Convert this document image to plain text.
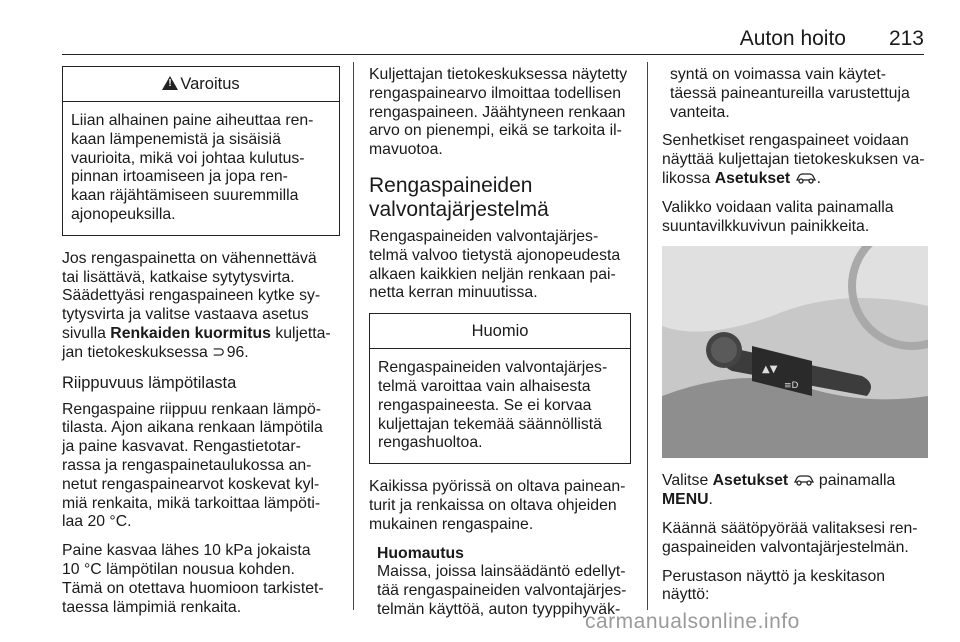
Auton hoito 213
! Varoitus
Liian alhainen paine aiheuttaa ren-
kaan lämpenemistä ja sisäisiä
vaurioita, mikä voi johtaa kulutus-
pinnan irtoamiseen ja jopa ren-
kaan räjähtämiseen suuremmilla
ajonopeuksilla.

Jos rengaspainetta on vähennettävä
tai lisättävä, katkaise sytytysvirta.
Säädettyäsi rengaspaineen kytke sy-
tytysvirta ja valitse vastaava asetus
sivulla Renkaiden kuormitus kuljetta-
jan tietokeskuksessa ⊃ 96.

Riippuvuus lämpötilasta

Rengaspaine riippuu renkaan lämpö-
tilasta. Ajon aikana renkaan lämpötila
ja paine kasvavat. Rengastietotar-
rassa ja rengaspainetaulukossa an-
netut rengaspainearvot koskevat kyl-
miä renkaita, mikä tarkoittaa lämpöti-
laa 20 °C.

Paine kasvaa lähes 10 kPa jokaista
10 °C lämpötilan nousua kohden.
Tämä on otettava huomioon tarkistet-
taessa lämpimiä renkaita.

Kuljettajan tietokeskuksessa näytetty
rengaspainearvo ilmoittaa todellisen
rengaspaineen. Jäähtyneen renkaan
arvo on pienempi, eikä se tarkoita il-
mavuotoa.

Rengaspaineiden
valvontajärjestelmä

Rengaspaineiden valvontajärjes-
telmä valvoo tietystä ajonopeudesta
alkaen kaikkien neljän renkaan pai-
netta kerran minuutissa.

Huomio
Rengaspaineiden valvontajärjes-
telmä varoittaa vain alhaisesta
rengaspaineesta. Se ei korvaa
kuljettajan tekemää säännöllistä
rengashuoltoa.

Kaikissa pyörissä on oltava painean-
turit ja renkaissa on oltava ohjeiden
mukainen rengaspaine.

Huomautus
Maissa, joissa lainsäädäntö edellyt-
tää rengaspaineiden valvontajärjes-
telmän käyttöä, auton tyyppihyväk-
syntä on voimassa vain käytet-
täessä paineantureilla varustettuja
vanteita.

Senhetkiset rengaspaineet voidaan
näyttää kuljettajan tietokeskuksen va-
likossa Asetukset .

Valikko voidaan valita painamalla
suuntavilkkuvivun painikkeita.

▲▼
≡D

Valitse Asetukset  painamalla
MENU.

Käännä säätöpyörää valitaksesi ren-
gaspaineiden valvontajärjestelmän.

Perustason näyttö ja keskitason
näyttö:

carmanualsonline.info
